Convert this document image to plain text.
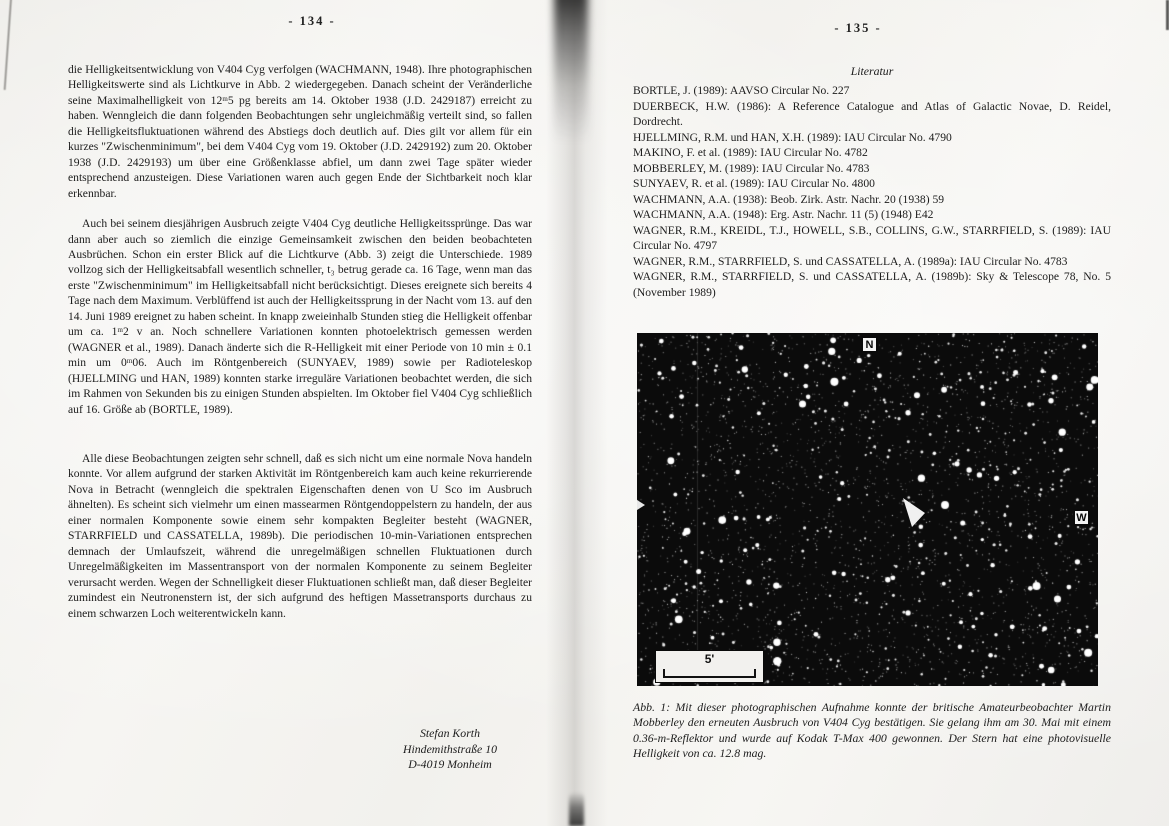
- 134 -

die Helligkeitsentwicklung von V404 Cyg verfolgen (WACHMANN, 1948). Ihre photographischen Helligkeitswerte sind als Lichtkurve in Abb. 2 wiedergegeben. Danach scheint der Veränderliche seine Maximalhelligkeit von 12ᵐ5 pg bereits am 14. Oktober 1938 (J.D. 2429187) erreicht zu haben. Wenngleich die dann folgenden Beobachtungen sehr ungleichmäßig verteilt sind, so fallen die Helligkeitsfluktuationen während des Abstiegs doch deutlich auf. Dies gilt vor allem für ein kurzes "Zwischenminimum", bei dem V404 Cyg vom 19. Oktober (J.D. 2429192) zum 20. Oktober 1938 (J.D. 2429193) um über eine Größenklasse abfiel, um dann zwei Tage später wieder entsprechend anzusteigen. Diese Variationen waren auch gegen Ende der Sichtbarkeit noch klar erkennbar.

Auch bei seinem diesjährigen Ausbruch zeigte V404 Cyg deutliche Helligkeitssprünge. Das war dann aber auch so ziemlich die einzige Gemeinsamkeit zwischen den beiden beobachteten Ausbrüchen. Schon ein erster Blick auf die Lichtkurve (Abb. 3) zeigt die Unterschiede. 1989 vollzog sich der Helligkeitsabfall wesentlich schneller, t₃ betrug gerade ca. 16 Tage, wenn man das erste "Zwischenminimum" im Helligkeitsabfall nicht berücksichtigt. Dieses ereignete sich bereits 4 Tage nach dem Maximum. Verblüffend ist auch der Helligkeitssprung in der Nacht vom 13. auf den 14. Juni 1989 ereignet zu haben scheint. In knapp zweieinhalb Stunden stieg die Helligkeit offenbar um ca. 1ᵐ2 v an. Noch schnellere Variationen konnten photoelektrisch gemessen werden (WAGNER et al., 1989). Danach änderte sich die R-Helligkeit mit einer Periode von 10 min ± 0.1 min um 0ᵐ06. Auch im Röntgenbereich (SUNYAEV, 1989) sowie per Radioteleskop (HJELLMING und HAN, 1989) konnten starke irreguläre Variationen beobachtet werden, die sich im Rahmen von Sekunden bis zu einigen Stunden abspielten. Im Oktober fiel V404 Cyg schließlich auf 16. Größe ab (BORTLE, 1989).

Alle diese Beobachtungen zeigten sehr schnell, daß es sich nicht um eine normale Nova handeln konnte. Vor allem aufgrund der starken Aktivität im Röntgenbereich kam auch keine rekurrierende Nova in Betracht (wenngleich die spektralen Eigenschaften denen von U Sco im Ausbruch ähnelten). Es scheint sich vielmehr um einen massearmen Röntgendoppelstern zu handeln, der aus einer normalen Komponente sowie einem sehr kompakten Begleiter besteht (WAGNER, STARRFIELD und CASSATELLA, 1989b). Die periodischen 10-min-Variationen entsprechen demnach der Umlaufszeit, während die unregelmäßigen schnellen Fluktuationen durch Unregelmäßigkeiten im Massentransport von der normalen Komponente zu seinem Begleiter verursacht werden. Wegen der Schnelligkeit dieser Fluktuationen schließt man, daß dieser Begleiter zumindest ein Neutronenstern ist, der sich aufgrund des heftigen Massetransports durchaus zu einem schwarzen Loch weiterentwickeln kann.

Stefan Korth
Hindemithstraße 10
D-4019 Monheim
- 135 -
Literatur
BORTLE, J. (1989): AAVSO Circular No. 227
DUERBECK, H.W. (1986): A Reference Catalogue and Atlas of Galactic Novae, D. Reidel, Dordrecht.
HJELLMING, R.M. und HAN, X.H. (1989): IAU Circular No. 4790
MAKINO, F. et al. (1989): IAU Circular No. 4782
MOBBERLEY, M. (1989): IAU Circular No. 4783
SUNYAEV, R. et al. (1989): IAU Circular No. 4800
WACHMANN, A.A. (1938): Beob. Zirk. Astr. Nachr. 20 (1938) 59
WACHMANN, A.A. (1948): Erg. Astr. Nachr. 11 (5) (1948) E42
WAGNER, R.M., KREIDL, T.J., HOWELL, S.B., COLLINS, G.W., STARRFIELD, S. (1989): IAU Circular No. 4797
WAGNER, R.M., STARRFIELD, S. und CASSATELLA, A. (1989a): IAU Circular No. 4783
WAGNER, R.M., STARRFIELD, S. und CASSATELLA, A. (1989b): Sky & Telescope 78, No. 5 (November 1989)
N
W
5'
Abb. 1: Mit dieser photographischen Aufnahme konnte der britische Amateurbeobachter Martin Mobberley den erneuten Ausbruch von V404 Cyg bestätigen. Sie gelang ihm am 30. Mai mit einem 0.36-m-Reflektor und wurde auf Kodak T-Max 400 gewonnen. Der Stern hat eine photovisuelle Helligkeit von ca. 12.8 mag.
